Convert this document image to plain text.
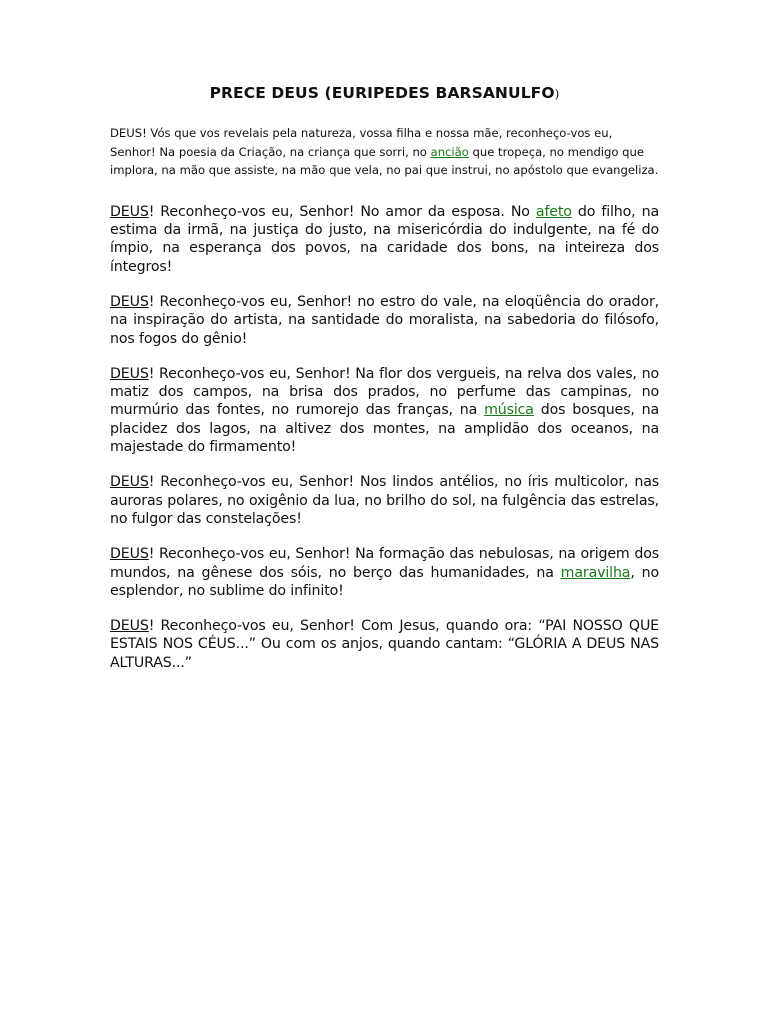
PRECE DEUS (EURIPEDES BARSANULFO)

DEUS! Vós que vos revelais pela natureza, vossa filha e nossa mãe, reconheço-vos eu, Senhor! Na poesia da Criação, na criança que sorri, no ancião que tropeça, no mendigo que implora, na mão que assiste, na mão que vela, no pai que instrui, no apóstolo que evangeliza.

DEUS! Reconheço-vos eu, Senhor! No amor da esposa. No afeto do filho, na estima da irmã, na justiça do justo, na misericórdia do indulgente, na fé do ímpio, na esperança dos povos, na caridade dos bons, na inteireza dos íntegros!

DEUS! Reconheço-vos eu, Senhor! no estro do vale, na eloqüência do orador, na inspiração do artista, na santidade do moralista, na sabedoria do filósofo, nos fogos do gênio!

DEUS! Reconheço-vos eu, Senhor! Na flor dos vergueis, na relva dos vales, no matiz dos campos, na brisa dos prados, no perfume das campinas, no murmúrio das fontes, no rumorejo das franças, na música dos bosques, na placidez dos lagos, na altivez dos montes, na amplidão dos oceanos, na majestade do firmamento!

DEUS! Reconheço-vos eu, Senhor! Nos lindos antélios, no íris multicolor, nas auroras polares, no oxigênio da lua, no brilho do sol, na fulgência das estrelas, no fulgor das constelações!

DEUS! Reconheço-vos eu, Senhor! Na formação das nebulosas, na origem dos mundos, na gênese dos sóis, no berço das humanidades, na maravilha, no esplendor, no sublime do infinito!

DEUS! Reconheço-vos eu, Senhor! Com Jesus, quando ora: “PAI NOSSO QUE ESTAIS NOS CÉUS...” Ou com os anjos, quando cantam: “GLÓRIA A DEUS NAS ALTURAS...”
